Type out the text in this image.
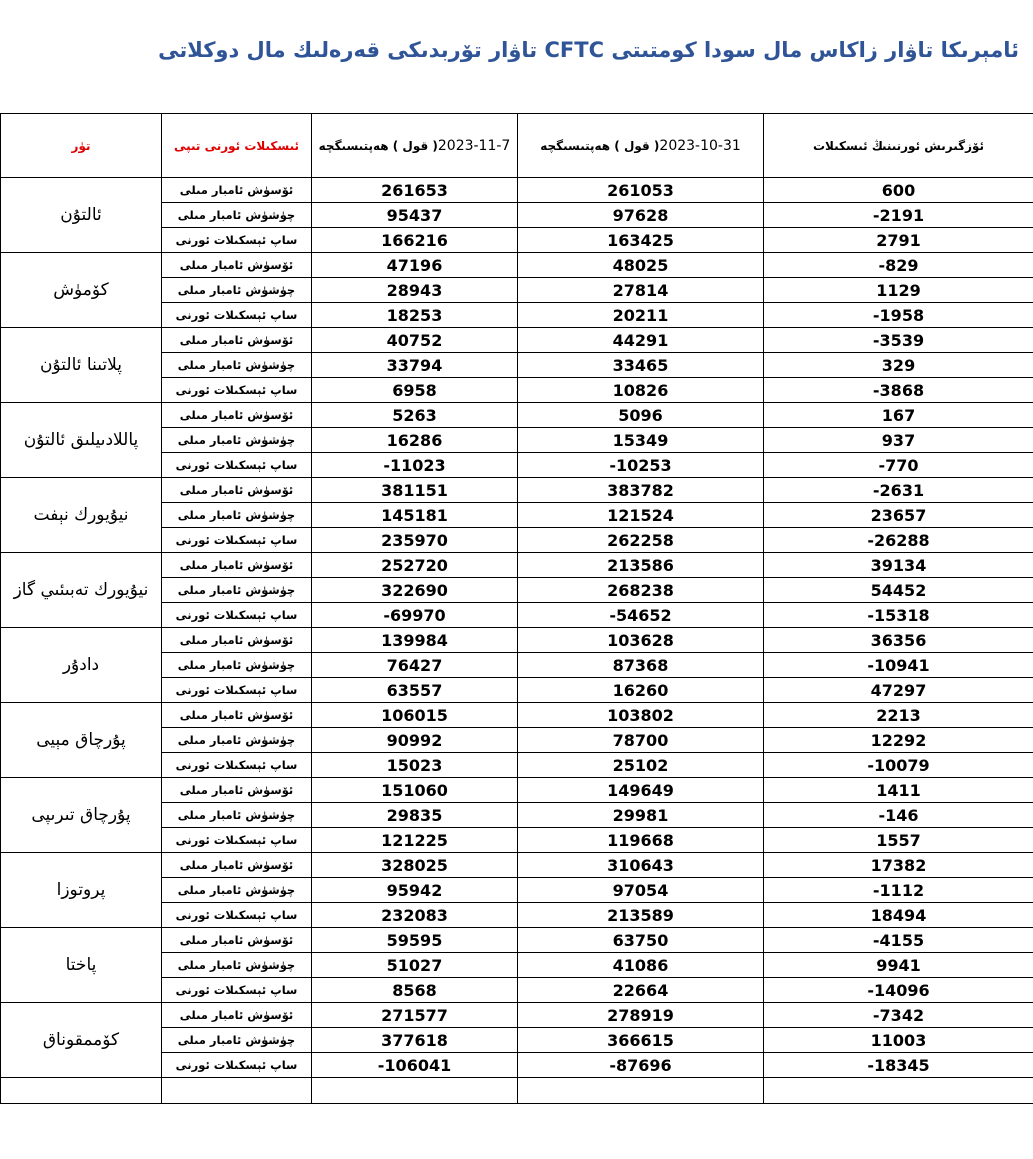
ئامېرىكا تاۋار زاكاس مال سودا كومتىتى CFTC تاۋار تۆربدىكى قەرەلىك مال دوكلاتى
تۈر	ئىسكىلات ئورنى تىپى	( قول ) ھەپتىسىگچە2023-11-7	( قول ) ھەپتىسىگچە2023-10-31	ئۆزگىرىش ئورنىنىڭ ئىسكىلات
ئالتۇن	ئۆسۈش ئامبار مىلى	261653	261053	600
	چۈشۈش ئامبار مىلى	95437	97628	-2191
	ساپ ئېسكىلات ئورنى	166216	163425	2791
كۆمۈش	ئۆسۈش ئامبار مىلى	47196	48025	-829
	چۈشۈش ئامبار مىلى	28943	27814	1129
	ساپ ئېسكىلات ئورنى	18253	20211	-1958
پلاتىنا ئالتۇن	ئۆسۈش ئامبار مىلى	40752	44291	-3539
	چۈشۈش ئامبار مىلى	33794	33465	329
	ساپ ئېسكىلات ئورنى	6958	10826	-3868
پاللادىيلىق ئالتۇن	ئۆسۈش ئامبار مىلى	5263	5096	167
	چۈشۈش ئامبار مىلى	16286	15349	937
	ساپ ئېسكىلات ئورنى	-11023	-10253	-770
نيۇيورك نېفت	ئۆسۈش ئامبار مىلى	381151	383782	-2631
	چۈشۈش ئامبار مىلى	145181	121524	23657
	ساپ ئېسكىلات ئورنى	235970	262258	-26288
نيۇيورك تەبىئىي گاز	ئۆسۈش ئامبار مىلى	252720	213586	39134
	چۈشۈش ئامبار مىلى	322690	268238	54452
	ساپ ئېسكىلات ئورنى	-69970	-54652	-15318
دادۇر	ئۆسۈش ئامبار مىلى	139984	103628	36356
	چۈشۈش ئامبار مىلى	76427	87368	-10941
	ساپ ئېسكىلات ئورنى	63557	16260	47297
پۇرچاق مېيى	ئۆسۈش ئامبار مىلى	106015	103802	2213
	چۈشۈش ئامبار مىلى	90992	78700	12292
	ساپ ئېسكىلات ئورنى	15023	25102	-10079
پۇرچاق تىرىپى	ئۆسۈش ئامبار مىلى	151060	149649	1411
	چۈشۈش ئامبار مىلى	29835	29981	-146
	ساپ ئېسكىلات ئورنى	121225	119668	1557
پروتوزا	ئۆسۈش ئامبار مىلى	328025	310643	17382
	چۈشۈش ئامبار مىلى	95942	97054	-1112
	ساپ ئېسكىلات ئورنى	232083	213589	18494
پاختا	ئۆسۈش ئامبار مىلى	59595	63750	-4155
	چۈشۈش ئامبار مىلى	51027	41086	9941
	ساپ ئېسكىلات ئورنى	8568	22664	-14096
كۆممقوناق	ئۆسۈش ئامبار مىلى	271577	278919	-7342
	چۈشۈش ئامبار مىلى	377618	366615	11003
	ساپ ئېسكىلات ئورنى	-106041	-87696	-18345
